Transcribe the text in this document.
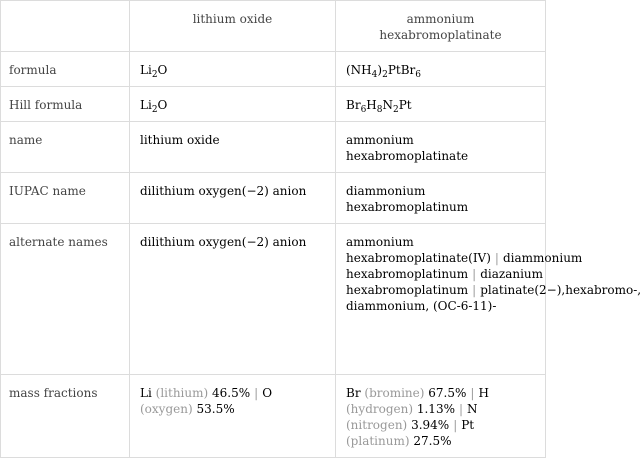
	lithium oxide	ammonium hexabromoplatinate
formula	$Li_2O$	$(NH_4)_2PtBr_6$
Hill formula	$Li_2O$	$Br_6H_8N_2Pt$
name	lithium oxide	ammonium hexabromoplatinate
IUPAC name	dilithium oxygen(−2) anion	diammonium hexabromoplatinum
alternate names	dilithium oxygen(−2) anion	ammonium hexabromoplatinate(IV) | diammonium hexabromoplatinum | diazanium hexabromoplatinum | platinate(2−),hexabromo-, diammonium, (OC-6-11)-
mass fractions	Li (lithium) 46.5% | O (oxygen) 53.5%	Br (bromine) 67.5% | H (hydrogen) 1.13% | N (nitrogen) 3.94% | Pt (platinum) 27.5%
